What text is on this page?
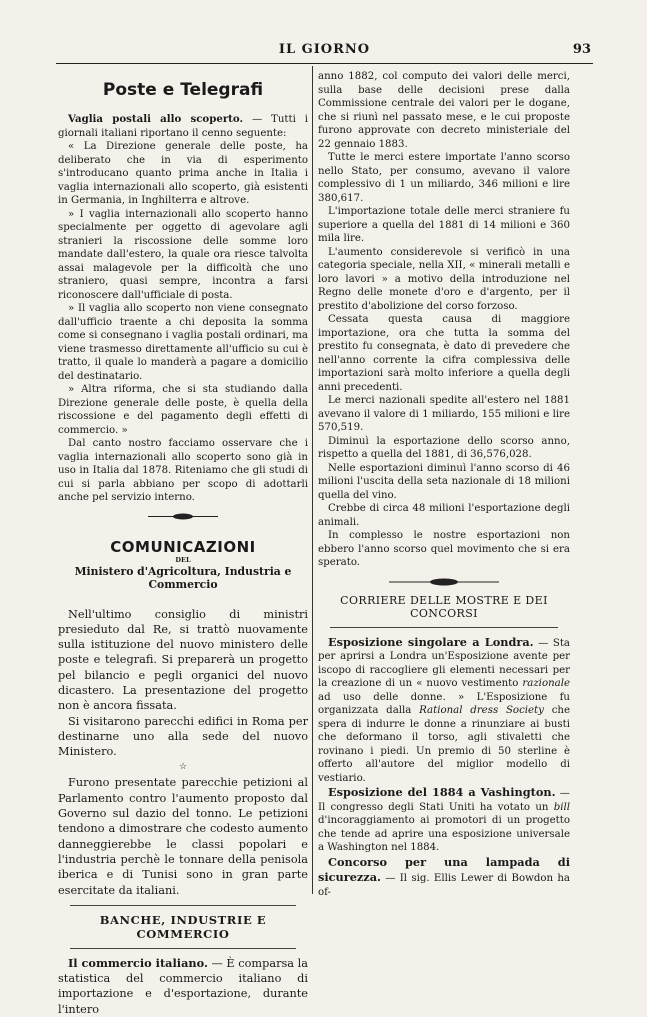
IL GIORNO	93
Poste e Telegrafi

Vaglia postali allo scoperto. — Tutti i giornali italiani riportano il cenno seguente:

« La Direzione generale delle poste, ha deliberato che in via di esperimento s'introducano quanto prima anche in Italia i vaglia internazionali allo scoperto, già esistenti in Germania, in Inghilterra e altrove.

» I vaglia internazionali allo scoperto hanno specialmente per oggetto di agevolare agli stranieri la riscossione delle somme loro mandate dall'estero, la quale ora riesce talvolta assai malagevole per la difficoltà che uno straniero, quasi sempre, incontra a farsi riconoscere dall'ufficiale di posta.

» Il vaglia allo scoperto non viene consegnato dall'ufficio traente a chi deposita la somma come si consegnano i vaglia postali ordinari, ma viene trasmesso direttamente all'ufficio su cui è tratto, il quale lo manderà a pagare a domicilio del destinatario.

» Altra riforma, che si sta studiando dalla Direzione generale delle poste, è quella della riscossione e del pagamento degli effetti di commercio. »

Dal canto nostro facciamo osservare che i vaglia internazionali allo scoperto sono già in uso in Italia dal 1878. Riteniamo che gli studi di cui si parla abbiano per scopo di adottarli anche pel servizio interno.

COMUNICAZIONI
DEL
Ministero d'Agricoltura, Industria e Commercio

Nell'ultimo consiglio di ministri presieduto dal Re, si trattò nuovamente sulla istituzione del nuovo ministero delle poste e telegrafi. Si preparerà un progetto pel bilancio e pegli organici del nuovo dicastero. La presentazione del progetto non è ancora fissata.

Si visitarono parecchi edifici in Roma per destinarne uno alla sede del nuovo Ministero.

☆

Furono presentate parecchie petizioni al Parlamento contro l'aumento proposto dal Governo sul dazio del tonno. Le petizioni tendono a dimostrare che codesto aumento danneggierebbe le classi popolari e l'industria perchè le tonnare della penisola iberica e di Tunisi sono in gran parte esercitate da italiani.

BANCHE, INDUSTRIE E COMMERCIO

Il commercio italiano. — È comparsa la statistica del commercio italiano di importazione e d'esportazione, durante l'intero

anno 1882, col computo dei valori delle merci, sulla base delle decisioni prese dalla Commissione centrale dei valori per le dogane, che si riunì nel passato mese, e le cui proposte furono approvate con decreto ministeriale del 22 gennaio 1883.

Tutte le merci estere importate l'anno scorso nello Stato, per consumo, avevano il valore complessivo di 1 un miliardo, 346 milioni e lire 380,617.

L'importazione totale delle merci straniere fu superiore a quella del 1881 di 14 milioni e 360 mila lire.

L'aumento considerevole si verificò in una categoria speciale, nella XII, « minerali metalli e loro lavori » a motivo della introduzione nel Regno delle monete d'oro e d'argento, per il prestito d'abolizione del corso forzoso.

Cessata questa causa di maggiore importazione, ora che tutta la somma del prestito fu consegnata, è dato di prevedere che nell'anno corrente la cifra complessiva delle importazioni sarà molto inferiore a quella degli anni precedenti.

Le merci nazionali spedite all'estero nel 1881 avevano il valore di 1 miliardo, 155 milioni e lire 570,519.

Diminuì la esportazione dello scorso anno, rispetto a quella del 1881, di 36,576,028.

Nelle esportazioni diminuì l'anno scorso di 46 milioni l'uscita della seta nazionale di 18 milioni quella del vino.

Crebbe di circa 48 milioni l'esportazione degli animali.

In complesso le nostre esportazioni non ebbero l'anno scorso quel movimento che si era sperato.

CORRIERE DELLE MOSTRE E DEI CONCORSI

Esposizione singolare a Londra. — Sta per aprirsi a Londra un'Esposizione avente per iscopo di raccogliere gli elementi necessari per la creazione di un « nuovo vestimento razionale ad uso delle donne. » L'Esposizione fu organizzata dalla Rational dress Society che spera di indurre le donne a rinunziare ai busti che deformano il torso, agli stivaletti che rovinano i piedi. Un premio di 50 sterline è offerto all'autore del miglior modello di vestiario.

Esposizione del 1884 a Vashington. — Il congresso degli Stati Uniti ha votato un bill d'incoraggiamento ai promotori di un progetto che tende ad aprire una esposizione universale a Washington nel 1884.

Concorso per una lampada di sicurezza. — Il sig. Ellis Lewer di Bowdon ha of-
